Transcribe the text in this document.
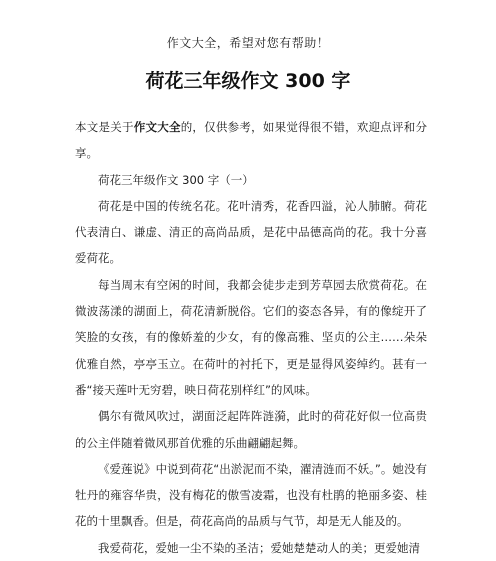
作文大全，希望对您有帮助！
荷花三年级作文 300 字

本文是关于作文大全的，仅供参考，如果觉得很不错，欢迎点评和分享。

荷花三年级作文 300 字（一）

荷花是中国的传统名花。花叶清秀，花香四溢，沁人肺腑。荷花代表清白、谦虚、清正的高尚品质，是花中品德高尚的花。我十分喜爱荷花。

每当周末有空闲的时间，我都会徒步走到芳草园去欣赏荷花。在微波荡漾的湖面上，荷花清新脱俗。它们的姿态各异，有的像绽开了笑脸的女孩，有的像娇羞的少女，有的像高雅、坚贞的公主……朵朵优雅自然，亭亭玉立。在荷叶的衬托下，更是显得风姿绰约。甚有一番“接天莲叶无穷碧，映日荷花别样红”的风味。

偶尔有微风吹过，湖面泛起阵阵涟漪，此时的荷花好似一位高贵的公主伴随着微风那首优雅的乐曲翩翩起舞。

《爱莲说》中说到荷花“出淤泥而不染，濯清涟而不妖。”。她没有牡丹的雍容华贵，没有梅花的傲雪凌霜，也没有杜鹃的艳丽多姿、桂花的十里飘香。但是，荷花高尚的品质与气节，却是无人能及的。

我爱荷花，爱她一尘不染的圣洁；爱她楚楚动人的美；更爱她清
